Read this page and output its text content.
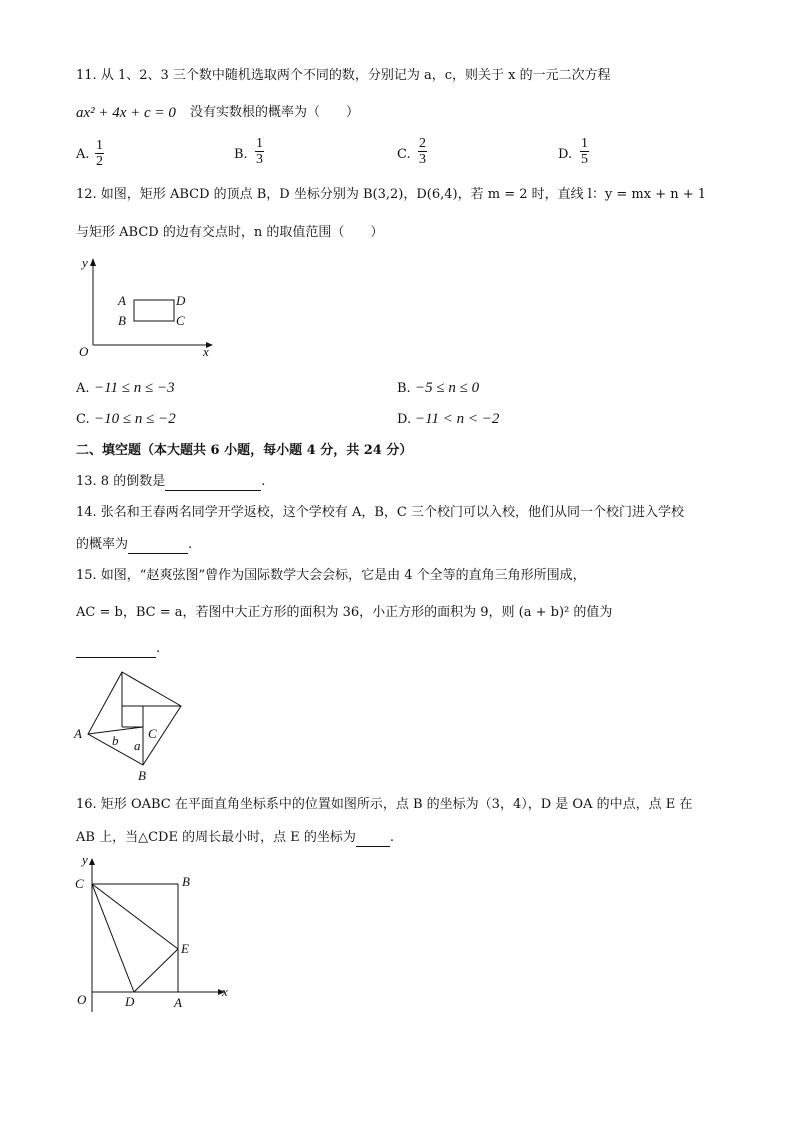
11. 从 1、2、3 三个数中随机选取两个不同的数，分别记为 a，c，则关于 x 的一元二次方程
ax² + 4x + c = 0 没有实数根的概率为（　　）
A. $\frac{1}{2}$	B. $\frac{1}{3}$	C. $\frac{2}{3}$	D. $\frac{1}{5}$
12. 如图，矩形 ABCD 的顶点 B，D 坐标分别为 B(3,2)，D(6,4)，若 m = 2 时，直线 l：y = mx + n + 1
与矩形 ABCD 的边有交点时，n 的取值范围（　　）
y
x
O
A
B	C
D
A. −11 ≤ n ≤ −3	B. −5 ≤ n ≤ 0
C. −10 ≤ n ≤ −2	D. −11 < n < −2
二、填空题（本大题共 6 小题，每小题 4 分，共 24 分）
13. 8 的倒数是	.
14. 张名和王春两名同学开学返校，这个学校有 A，B，C 三个校门可以入校，他们从同一个校门进入学校
的概率为	.
15. 如图，“赵爽弦图”曾作为国际数学大会会标，它是由 4 个全等的直角三角形所围成，
AC = b，BC = a，若图中大正方形的面积为 36，小正方形的面积为 9，则 (a + b)² 的值为
.
A
B
C
b a
16. 矩形 OABC 在平面直角坐标系中的位置如图所示，点 B 的坐标为（3，4），D 是 OA 的中点，点 E 在
AB 上，当△CDE 的周长最小时，点 E 的坐标为	.
y
x
O
C	B
E
D	A
